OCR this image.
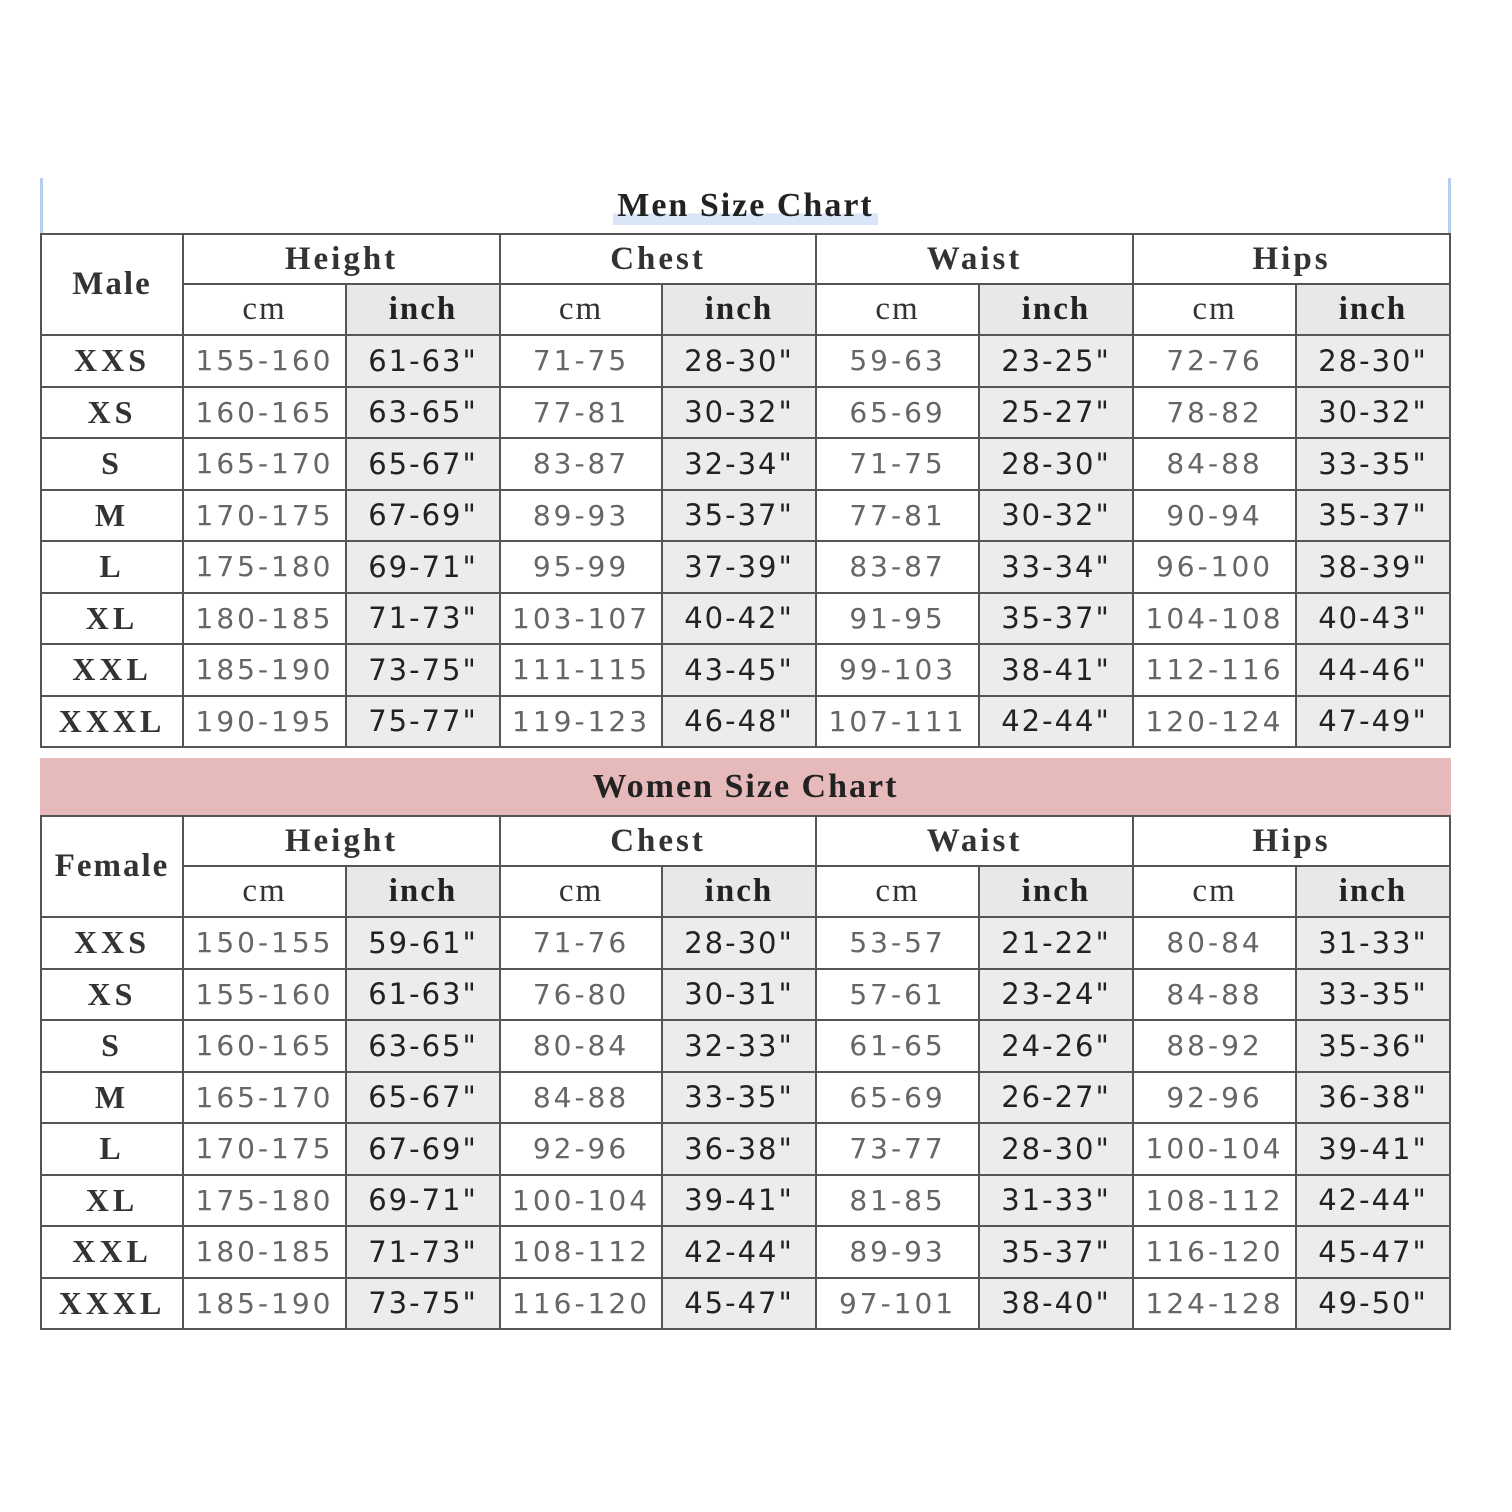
Men Size Chart
Male	Height		Chest		Waist		Hips	
	cm	inch	cm	inch	cm	inch	cm	inch
XXS	155-160	61-63"	71-75	28-30"	59-63	23-25"	72-76	28-30"
XS	160-165	63-65"	77-81	30-32"	65-69	25-27"	78-82	30-32"
S	165-170	65-67"	83-87	32-34"	71-75	28-30"	84-88	33-35"
M	170-175	67-69"	89-93	35-37"	77-81	30-32"	90-94	35-37"
L	175-180	69-71"	95-99	37-39"	83-87	33-34"	96-100	38-39"
XL	180-185	71-73"	103-107	40-42"	91-95	35-37"	104-108	40-43"
XXL	185-190	73-75"	111-115	43-45"	99-103	38-41"	112-116	44-46"
XXXL	190-195	75-77"	119-123	46-48"	107-111	42-44"	120-124	47-49"
Women Size Chart
Female	Height		Chest		Waist		Hips	
	cm	inch	cm	inch	cm	inch	cm	inch
XXS	150-155	59-61"	71-76	28-30"	53-57	21-22"	80-84	31-33"
XS	155-160	61-63"	76-80	30-31"	57-61	23-24"	84-88	33-35"
S	160-165	63-65"	80-84	32-33"	61-65	24-26"	88-92	35-36"
M	165-170	65-67"	84-88	33-35"	65-69	26-27"	92-96	36-38"
L	170-175	67-69"	92-96	36-38"	73-77	28-30"	100-104	39-41"
XL	175-180	69-71"	100-104	39-41"	81-85	31-33"	108-112	42-44"
XXL	180-185	71-73"	108-112	42-44"	89-93	35-37"	116-120	45-47"
XXXL	185-190	73-75"	116-120	45-47"	97-101	38-40"	124-128	49-50"
